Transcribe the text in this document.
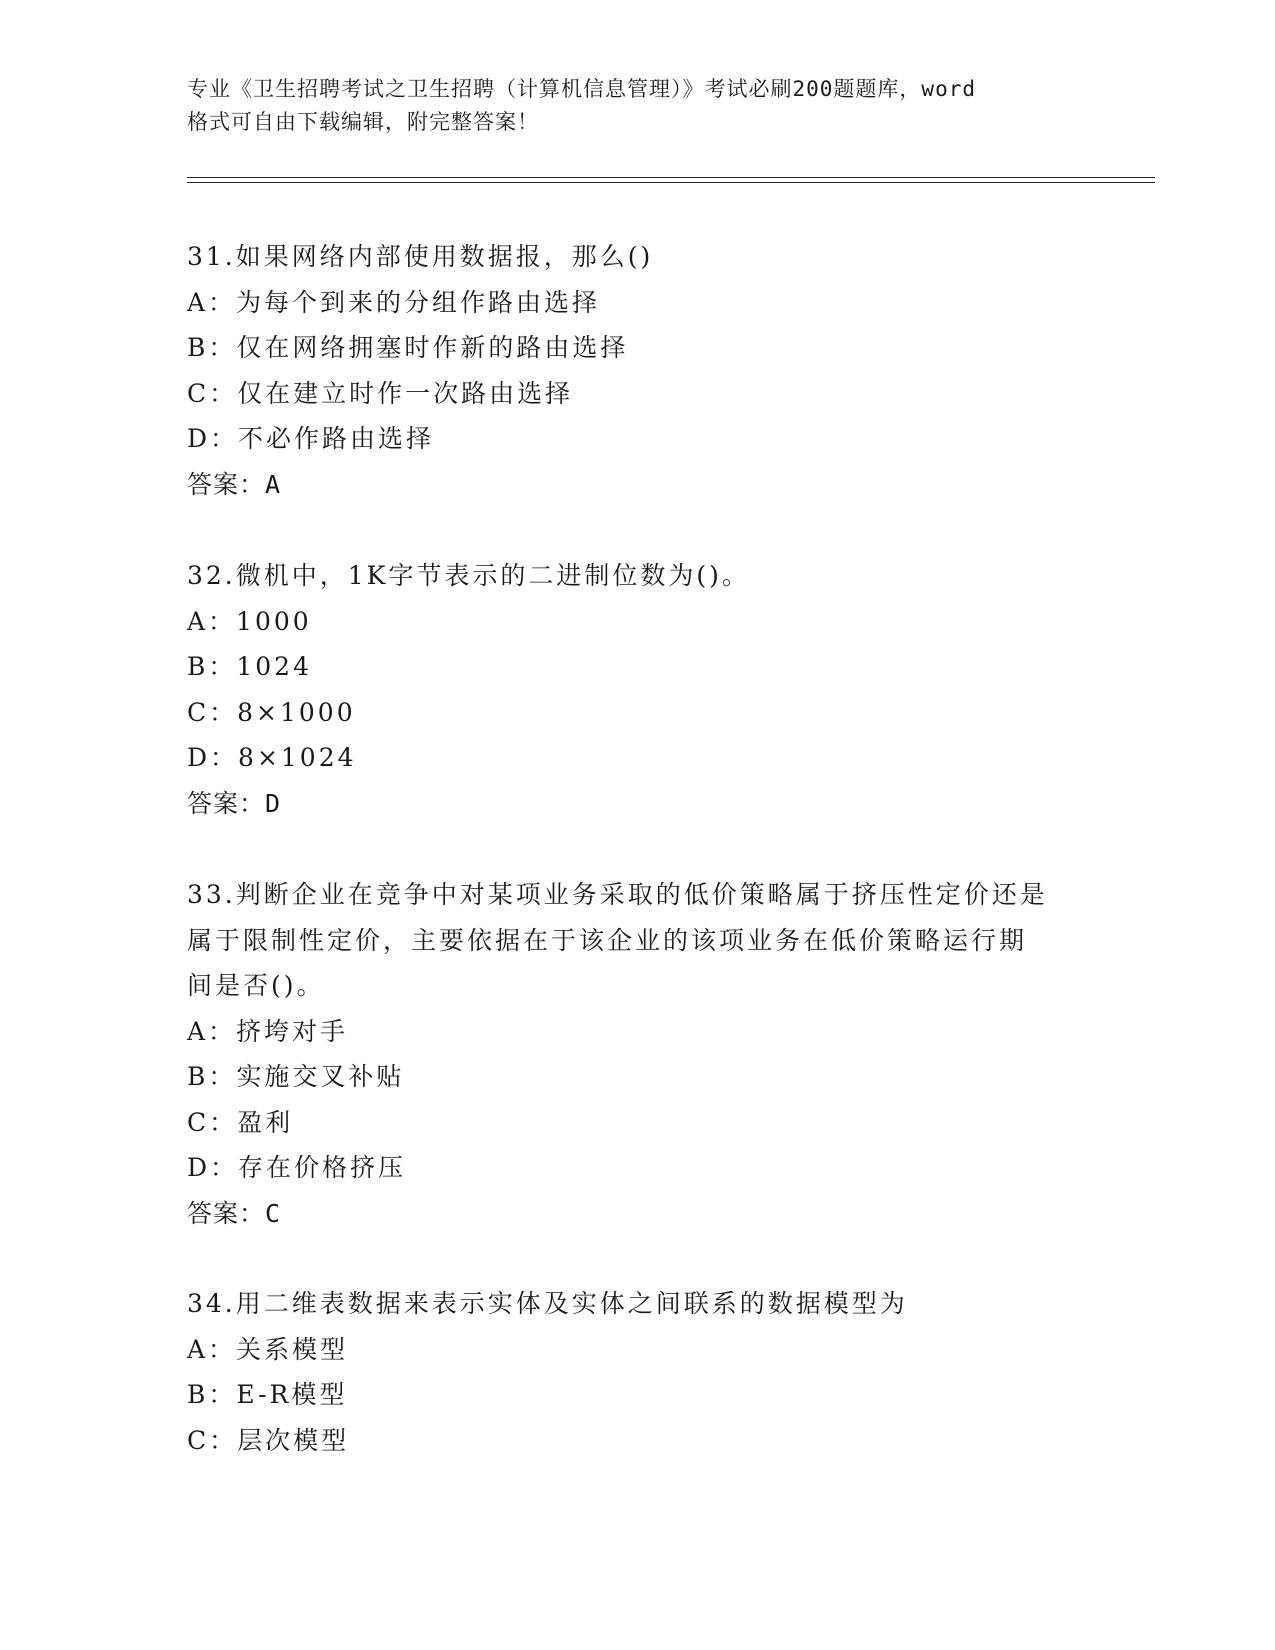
专业《卫生招聘考试之卫生招聘（计算机信息管理）》考试必刷200题题库，word
格式可自由下载编辑，附完整答案！

31.如果网络内部使用数据报，那么()

A：为每个到来的分组作路由选择

B：仅在网络拥塞时作新的路由选择

C：仅在建立时作一次路由选择

D：不必作路由选择

答案：A

32.微机中，1K字节表示的二进制位数为()。

A：1000

B：1024

C：8×1000

D：8×1024

答案：D

33.判断企业在竞争中对某项业务采取的低价策略属于挤压性定价还是

属于限制性定价，主要依据在于该企业的该项业务在低价策略运行期

间是否()。

A：挤垮对手

B：实施交叉补贴

C：盈利

D：存在价格挤压

答案：C

34.用二维表数据来表示实体及实体之间联系的数据模型为

A：关系模型

B：E-R模型

C：层次模型
